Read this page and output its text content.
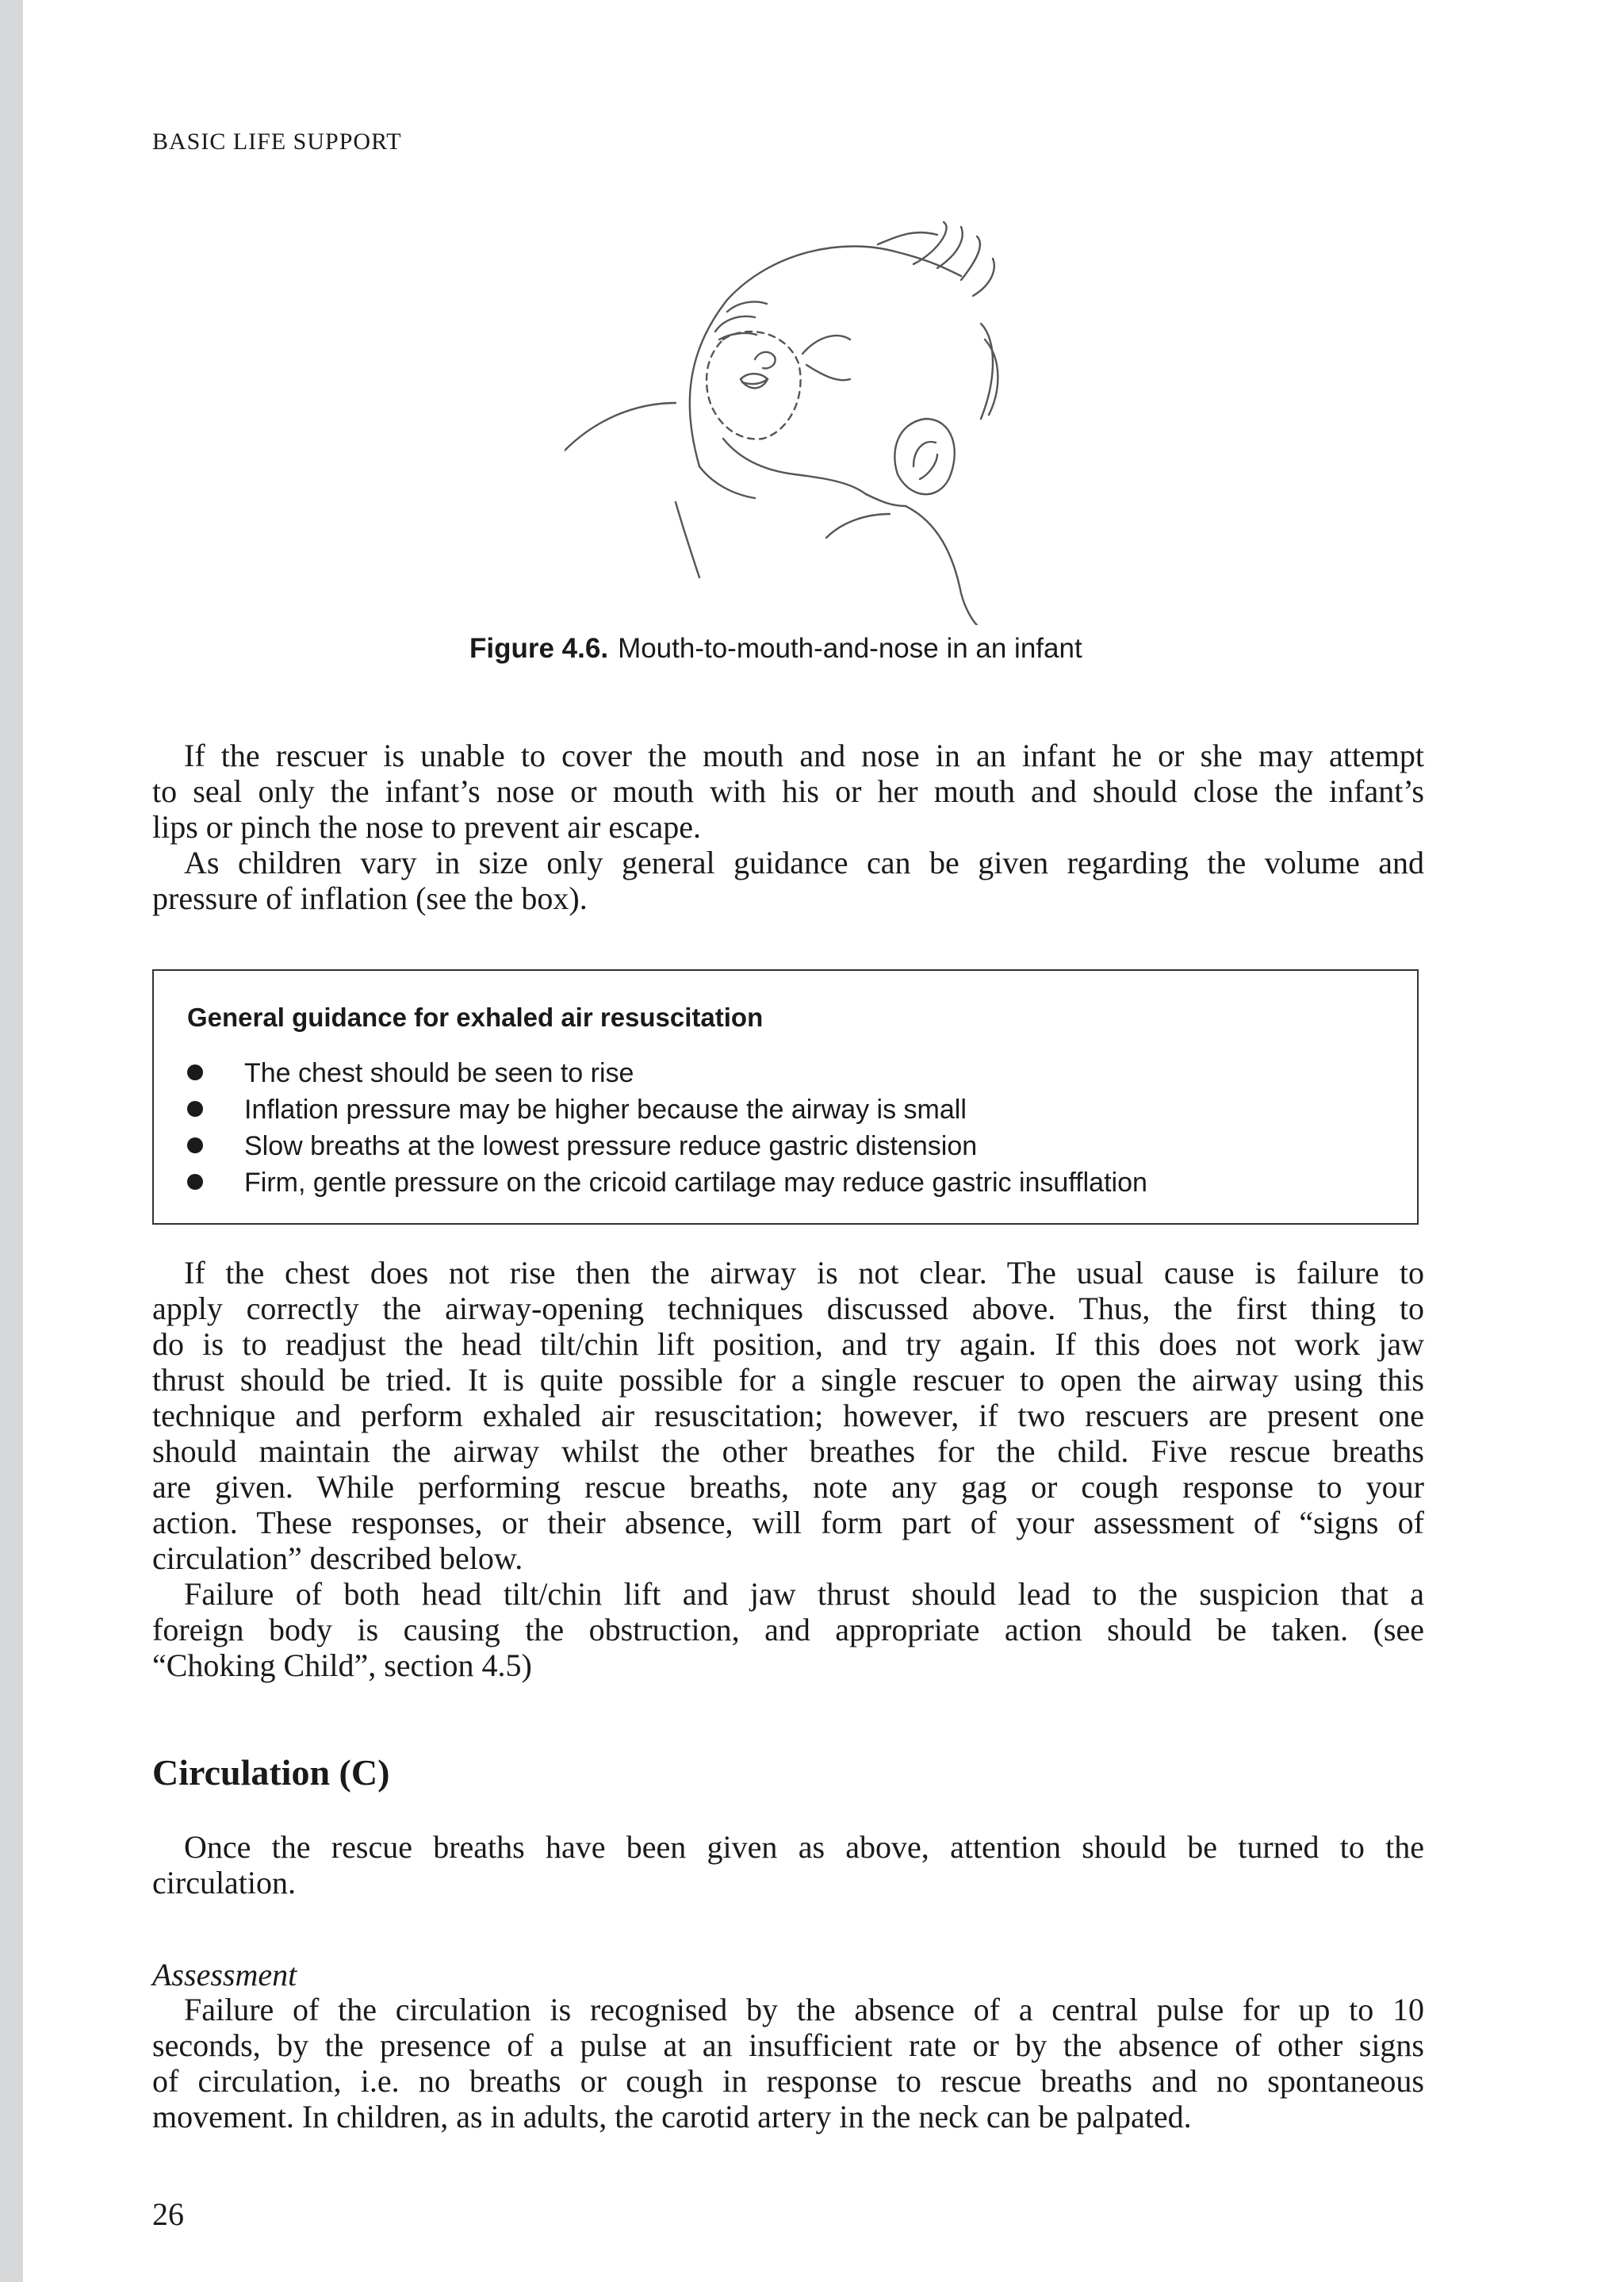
BASIC LIFE SUPPORT
Figure 4.6. Mouth-to-mouth-and-nose in an infant
If the rescuer is unable to cover the mouth and nose in an infant he or she may attempt
to seal only the infant’s nose or mouth with his or her mouth and should close the infant’s
lips or pinch the nose to prevent air escape.
As children vary in size only general guidance can be given regarding the volume and
pressure of inflation (see the box).
General guidance for exhaled air resuscitation
The chest should be seen to rise
Inflation pressure may be higher because the airway is small
Slow breaths at the lowest pressure reduce gastric distension
Firm, gentle pressure on the cricoid cartilage may reduce gastric insufflation
If the chest does not rise then the airway is not clear. The usual cause is failure to
apply correctly the airway-opening techniques discussed above. Thus, the first thing to
do is to readjust the head tilt/chin lift position, and try again. If this does not work jaw
thrust should be tried. It is quite possible for a single rescuer to open the airway using this
technique and perform exhaled air resuscitation; however, if two rescuers are present one
should maintain the airway whilst the other breathes for the child. Five rescue breaths
are given. While performing rescue breaths, note any gag or cough response to your
action. These responses, or their absence, will form part of your assessment of “signs of
circulation” described below.
Failure of both head tilt/chin lift and jaw thrust should lead to the suspicion that a
foreign body is causing the obstruction, and appropriate action should be taken. (see
“Choking Child”, section 4.5)
Circulation (C)
Once the rescue breaths have been given as above, attention should be turned to the
circulation.
Assessment
Failure of the circulation is recognised by the absence of a central pulse for up to 10
seconds, by the presence of a pulse at an insufficient rate or by the absence of other signs
of circulation, i.e. no breaths or cough in response to rescue breaths and no spontaneous
movement. In children, as in adults, the carotid artery in the neck can be palpated.
26
